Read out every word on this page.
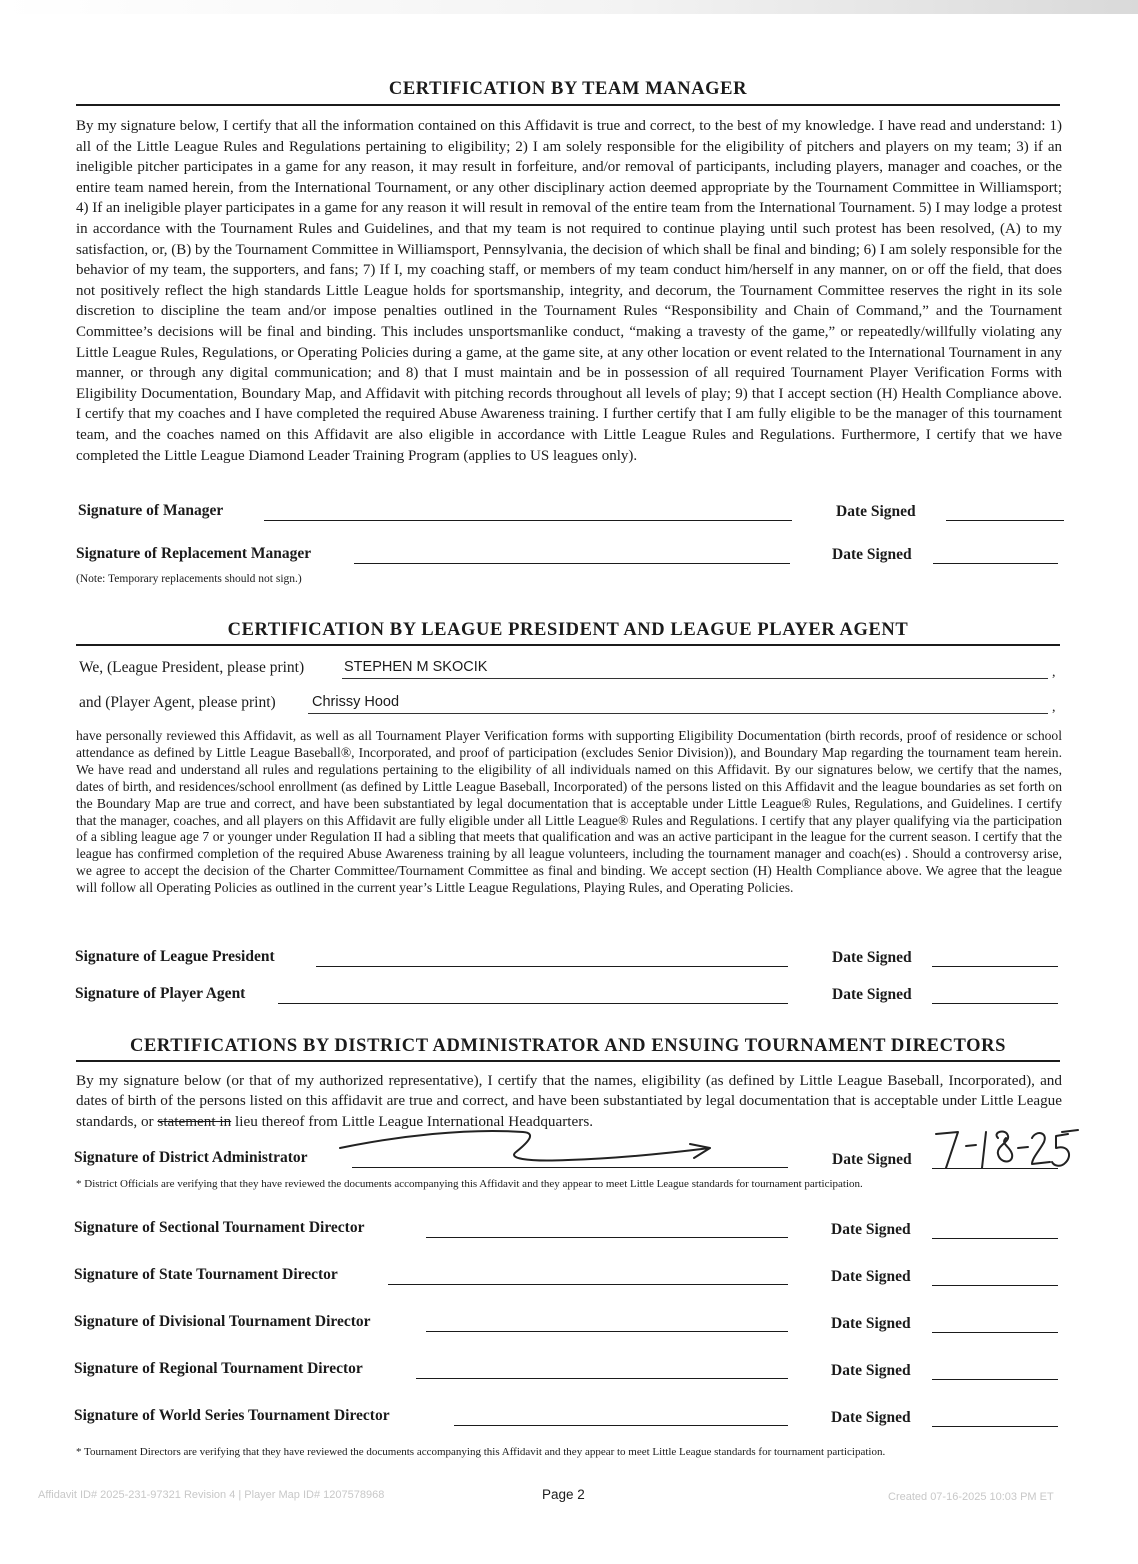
CERTIFICATION BY TEAM MANAGER

By my signature below, I certify that all the information contained on this Affidavit is true and correct, to the best of my knowledge. I have read and understand: 1) all of the Little League Rules and Regulations pertaining to eligibility; 2) I am solely responsible for the eligibility of pitchers and players on my team; 3) if an ineligible pitcher participates in a game for any reason, it may result in forfeiture, and/or removal of participants, including players, manager and coaches, or the entire team named herein, from the International Tournament, or any other disciplinary action deemed appropriate by the Tournament Committee in Williamsport; 4) If an ineligible player participates in a game for any reason it will result in removal of the entire team from the International Tournament. 5) I may lodge a protest in accordance with the Tournament Rules and Guidelines, and that my team is not required to continue playing until such protest has been resolved, (A) to my satisfaction, or, (B) by the Tournament Committee in Williamsport, Pennsylvania, the decision of which shall be final and binding; 6) I am solely responsible for the behavior of my team, the supporters, and fans; 7) If I, my coaching staff, or members of my team conduct him/herself in any manner, on or off the field, that does not positively reflect the high standards Little League holds for sportsmanship, integrity, and decorum, the Tournament Committee reserves the right in its sole discretion to discipline the team and/or impose penalties outlined in the Tournament Rules “Responsibility and Chain of Command,” and the Tournament Committee’s decisions will be final and binding. This includes unsportsmanlike conduct, “making a travesty of the game,” or repeatedly/willfully violating any Little League Rules, Regulations, or Operating Policies during a game, at the game site, at any other location or event related to the International Tournament in any manner, or through any digital communication; and 8) that I must maintain and be in possession of all required Tournament Player Verification Forms with Eligibility Documentation, Boundary Map, and Affidavit with pitching records throughout all levels of play; 9) that I accept section (H) Health Compliance above. I certify that my coaches and I have completed the required Abuse Awareness training. I further certify that I am fully eligible to be the manager of this tournament team, and the coaches named on this Affidavit are also eligible in accordance with Little League Rules and Regulations. Furthermore, I certify that we have completed the Little League Diamond Leader Training Program (applies to US leagues only).

Signature of Manager	Date Signed
Signature of Replacement Manager	Date Signed
(Note: Temporary replacements should not sign.)
CERTIFICATION BY LEAGUE PRESIDENT AND LEAGUE PLAYER AGENT
We, (League President, please print)	STEPHEN M SKOCIK	,
and (Player Agent, please print)	Chrissy Hood	,

have personally reviewed this Affidavit, as well as all Tournament Player Verification forms with supporting Eligibility Documentation (birth records, proof of residence or school attendance as defined by Little League Baseball®, Incorporated, and proof of participation (excludes Senior Division)), and Boundary Map regarding the tournament team herein. We have read and understand all rules and regulations pertaining to the eligibility of all individuals named on this Affidavit. By our signatures below, we certify that the names, dates of birth, and residences/school enrollment (as defined by Little League Baseball, Incorporated) of the persons listed on this Affidavit and the league boundaries as set forth on the Boundary Map are true and correct, and have been substantiated by legal documentation that is acceptable under Little League® Rules, Regulations, and Guidelines. I certify that the manager, coaches, and all players on this Affidavit are fully eligible under all Little League® Rules and Regulations. I certify that any player qualifying via the participation of a sibling league age 7 or younger under Regulation II had a sibling that meets that qualification and was an active participant in the league for the current season. I certify that the league has confirmed completion of the required Abuse Awareness training by all league volunteers, including the tournament manager and coach(es) . Should a controversy arise, we agree to accept the decision of the Charter Committee/Tournament Committee as final and binding. We accept section (H) Health Compliance above. We agree that the league will follow all Operating Policies as outlined in the current year’s Little League Regulations, Playing Rules, and Operating Policies.

Signature of League President	Date Signed
Signature of Player Agent	Date Signed
CERTIFICATIONS BY DISTRICT ADMINISTRATOR AND ENSUING TOURNAMENT DIRECTORS

By my signature below (or that of my authorized representative), I certify that the names, eligibility (as defined by Little League Baseball, Incorporated), and dates of birth of the persons listed on this affidavit are true and correct, and have been substantiated by legal documentation that is acceptable under Little League standards, or statement in lieu thereof from Little League International Headquarters.

Signature of District Administrator	Date Signed
* District Officials are verifying that they have reviewed the documents accompanying this Affidavit and they appear to meet Little League standards for tournament participation.
Signature of Sectional Tournament Director	Date Signed
Signature of State Tournament Director	Date Signed
Signature of Divisional Tournament Director	Date Signed
Signature of Regional Tournament Director	Date Signed
Signature of World Series Tournament Director	Date Signed
* Tournament Directors are verifying that they have reviewed the documents accompanying this Affidavit and they appear to meet Little League standards for tournament participation.
Affidavit ID# 2025-231-97321 Revision 4 | Player Map ID# 1207578968	Page 2	Created 07-16-2025 10:03 PM ET
